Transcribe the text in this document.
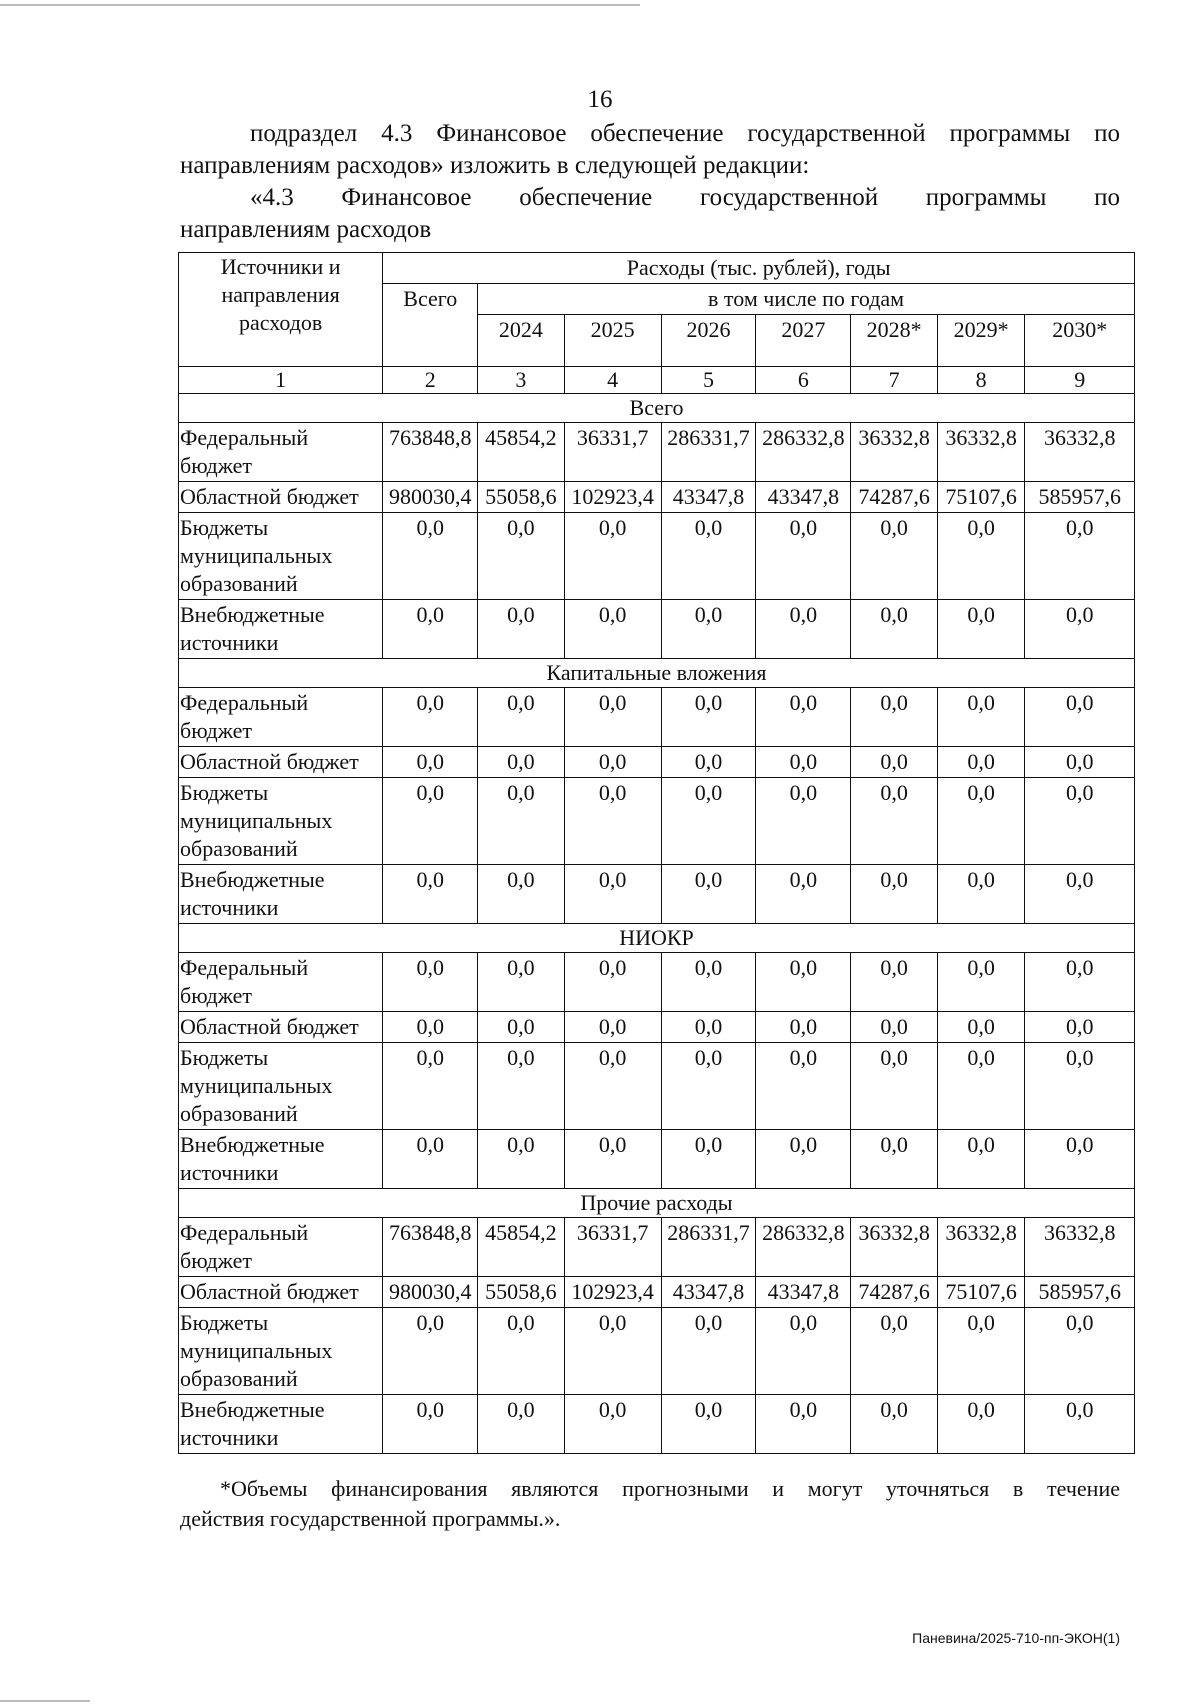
16
подраздел 4.3 Финансовое обеспечение государственной программы по
направлениям расходов» изложить в следующей редакции:
«4.3 Финансовое обеспечение государственной программы по
направлениям расходов
Источники и направления расходов	Расходы (тыс. рублей), годы							
	Всего	в том числе по годам						
		2024	2025	2026	2027	2028*	2029*	2030*
1	2	3	4	5	6	7	8	9
Всего								
Федеральный бюджет	763848,8	45854,2	36331,7	286331,7	286332,8	36332,8	36332,8	36332,8
Областной бюджет	980030,4	55058,6	102923,4	43347,8	43347,8	74287,6	75107,6	585957,6
Бюджеты муниципальных образований	0,0	0,0	0,0	0,0	0,0	0,0	0,0	0,0
Внебюджетные источники	0,0	0,0	0,0	0,0	0,0	0,0	0,0	0,0
Капитальные вложения								
Федеральный бюджет	0,0	0,0	0,0	0,0	0,0	0,0	0,0	0,0
Областной бюджет	0,0	0,0	0,0	0,0	0,0	0,0	0,0	0,0
Бюджеты муниципальных образований	0,0	0,0	0,0	0,0	0,0	0,0	0,0	0,0
Внебюджетные источники	0,0	0,0	0,0	0,0	0,0	0,0	0,0	0,0
НИОКР								
Федеральный бюджет	0,0	0,0	0,0	0,0	0,0	0,0	0,0	0,0
Областной бюджет	0,0	0,0	0,0	0,0	0,0	0,0	0,0	0,0
Бюджеты муниципальных образований	0,0	0,0	0,0	0,0	0,0	0,0	0,0	0,0
Внебюджетные источники	0,0	0,0	0,0	0,0	0,0	0,0	0,0	0,0
Прочие расходы								
Федеральный бюджет	763848,8	45854,2	36331,7	286331,7	286332,8	36332,8	36332,8	36332,8
Областной бюджет	980030,4	55058,6	102923,4	43347,8	43347,8	74287,6	75107,6	585957,6
Бюджеты муниципальных образований	0,0	0,0	0,0	0,0	0,0	0,0	0,0	0,0
Внебюджетные источники	0,0	0,0	0,0	0,0	0,0	0,0	0,0	0,0
*Объемы финансирования являются прогнозными и могут уточняться в течение
действия государственной программы.».
Паневина/2025-710-пп-ЭКОН(1)
